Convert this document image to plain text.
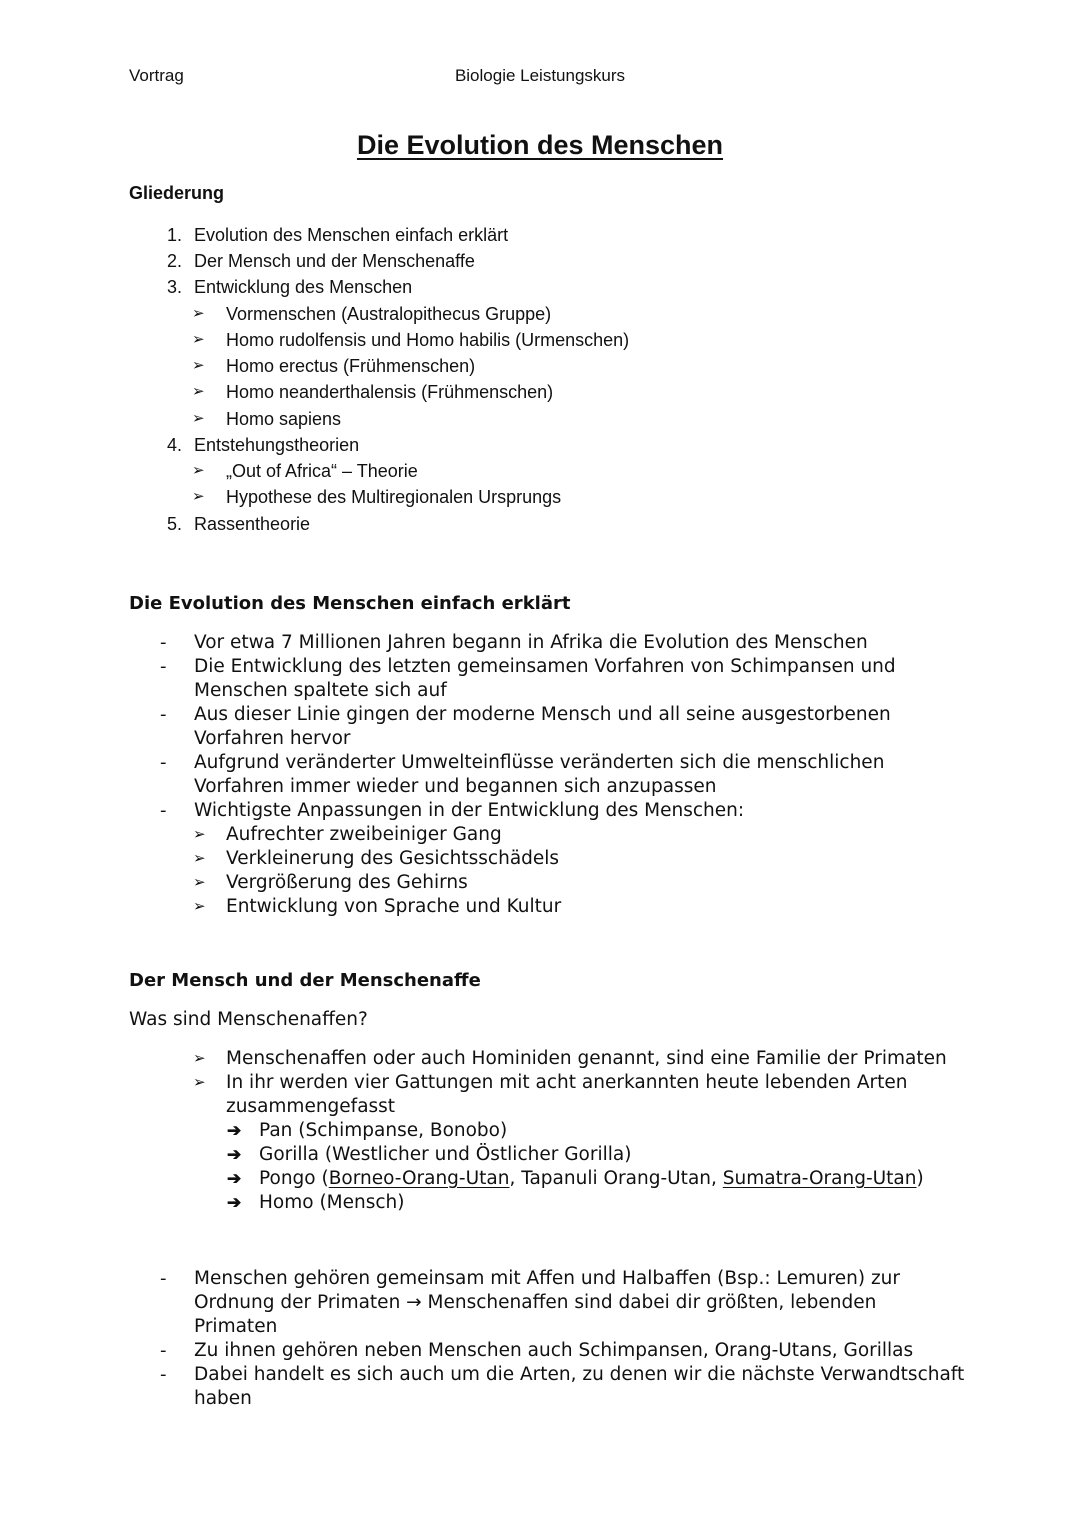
Vortrag	Biologie Leistungskurs
Die Evolution des Menschen
Gliederung
1. Evolution des Menschen einfach erklärt
2. Der Mensch und der Menschenaffe
3. Entwicklung des Menschen
➢ Vormenschen (Australopithecus Gruppe)
➢ Homo rudolfensis und Homo habilis (Urmenschen)
➢ Homo erectus (Frühmenschen)
➢ Homo neanderthalensis (Frühmenschen)
➢ Homo sapiens
4. Entstehungstheorien
➢ „Out of Africa“ – Theorie
➢ Hypothese des Multiregionalen Ursprungs
5. Rassentheorie
Die Evolution des Menschen einfach erklärt
- Vor etwa 7 Millionen Jahren begann in Afrika die Evolution des Menschen
- Die Entwicklung des letzten gemeinsamen Vorfahren von Schimpansen und
Menschen spaltete sich auf
- Aus dieser Linie gingen der moderne Mensch und all seine ausgestorbenen
Vorfahren hervor
- Aufgrund veränderter Umwelteinflüsse veränderten sich die menschlichen
Vorfahren immer wieder und begannen sich anzupassen
- Wichtigste Anpassungen in der Entwicklung des Menschen:
➢ Aufrechter zweibeiniger Gang
➢ Verkleinerung des Gesichtsschädels
➢ Vergrößerung des Gehirns
➢ Entwicklung von Sprache und Kultur
Der Mensch und der Menschenaffe
Was sind Menschenaffen?
➢ Menschenaffen oder auch Hominiden genannt, sind eine Familie der Primaten
➢ In ihr werden vier Gattungen mit acht anerkannten heute lebenden Arten
zusammengefasst
➔ Pan (Schimpanse, Bonobo)
➔ Gorilla (Westlicher und Östlicher Gorilla)
➔ Pongo (Borneo-Orang-Utan, Tapanuli Orang-Utan, Sumatra-Orang-Utan)
➔ Homo (Mensch)
- Menschen gehören gemeinsam mit Affen und Halbaffen (Bsp.: Lemuren) zur
Ordnung der Primaten → Menschenaffen sind dabei dir größten, lebenden
Primaten
- Zu ihnen gehören neben Menschen auch Schimpansen, Orang-Utans, Gorillas
- Dabei handelt es sich auch um die Arten, zu denen wir die nächste Verwandtschaft
haben
